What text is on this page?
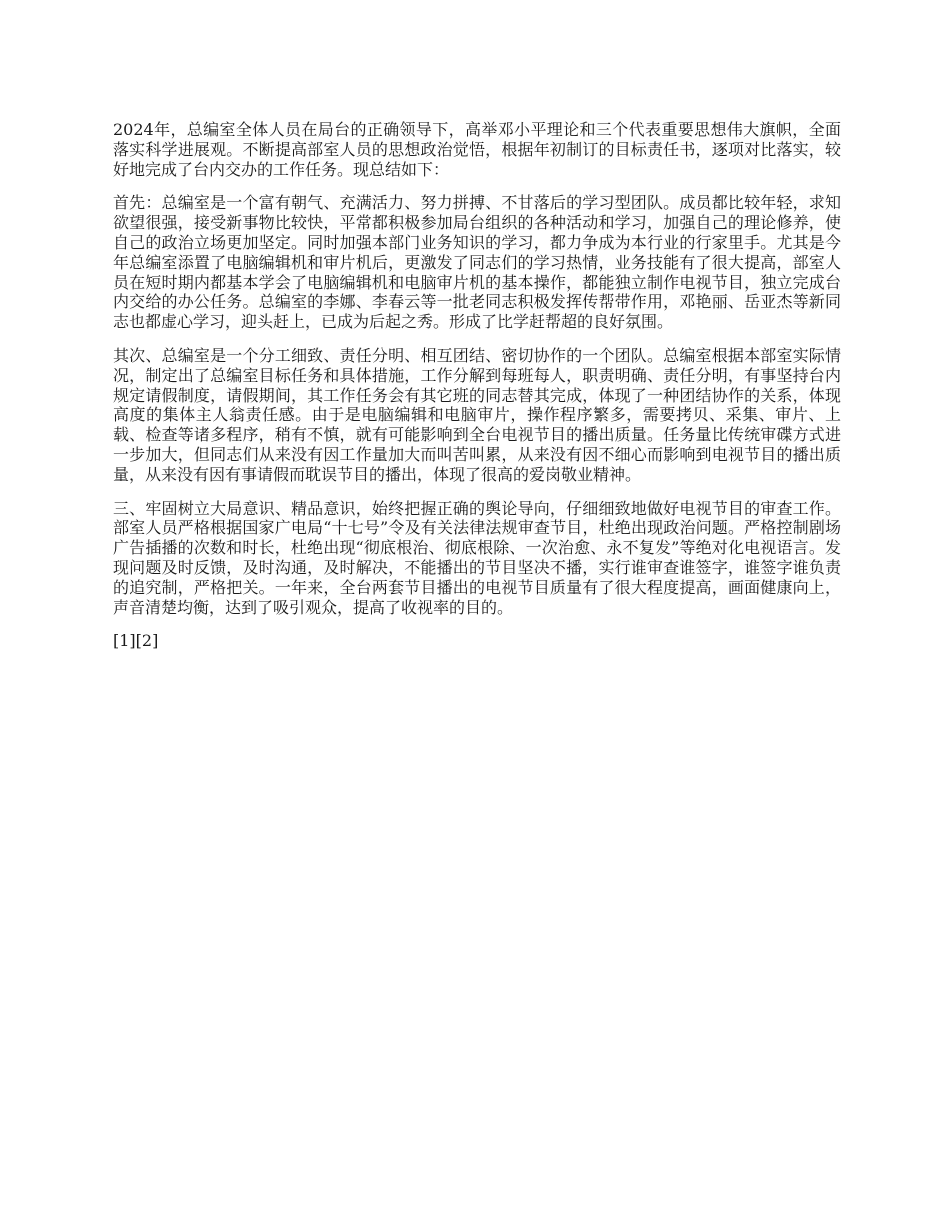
2024年，总编室全体人员在局台的正确领导下，高举邓小平理论和三个代表重要思想伟大旗帜，全面落实科学进展观。不断提高部室人员的思想政治觉悟，根据年初制订的目标责任书，逐项对比落实，较好地完成了台内交办的工作任务。现总结如下：

首先：总编室是一个富有朝气、充满活力、努力拼搏、不甘落后的学习型团队。成员都比较年轻，求知欲望很强，接受新事物比较快，平常都积极参加局台组织的各种活动和学习，加强自己的理论修养，使自己的政治立场更加坚定。同时加强本部门业务知识的学习，都力争成为本行业的行家里手。尤其是今年总编室添置了电脑编辑机和审片机后，更激发了同志们的学习热情，业务技能有了很大提高，部室人员在短时期内都基本学会了电脑编辑机和电脑审片机的基本操作，都能独立制作电视节目，独立完成台内交给的办公任务。总编室的李娜、李春云等一批老同志积极发挥传帮带作用，邓艳丽、岳亚杰等新同志也都虚心学习，迎头赶上，已成为后起之秀。形成了比学赶帮超的良好氛围。

其次、总编室是一个分工细致、责任分明、相互团结、密切协作的一个团队。总编室根据本部室实际情况，制定出了总编室目标任务和具体措施，工作分解到每班每人，职责明确、责任分明，有事坚持台内规定请假制度，请假期间，其工作任务会有其它班的同志替其完成，体现了一种团结协作的关系，体现高度的集体主人翁责任感。由于是电脑编辑和电脑审片，操作程序繁多，需要拷贝、采集、审片、上载、检查等诸多程序，稍有不慎，就有可能影响到全台电视节目的播出质量。任务量比传统审碟方式进一步加大，但同志们从来没有因工作量加大而叫苦叫累，从来没有因不细心而影响到电视节目的播出质量，从来没有因有事请假而耽误节目的播出，体现了很高的爱岗敬业精神。

三、牢固树立大局意识、精品意识，始终把握正确的舆论导向，仔细细致地做好电视节目的审查工作。部室人员严格根据国家广电局“十七号”令及有关法律法规审查节目，杜绝出现政治问题。严格控制剧场广告插播的次数和时长，杜绝出现“彻底根治、彻底根除、一次治愈、永不复发”等绝对化电视语言。发现问题及时反馈，及时沟通，及时解决，不能播出的节目坚决不播，实行谁审查谁签字，谁签字谁负责的追究制，严格把关。一年来，全台两套节目播出的电视节目质量有了很大程度提高，画面健康向上，声音清楚均衡，达到了吸引观众，提高了收视率的目的。

[1][2]
